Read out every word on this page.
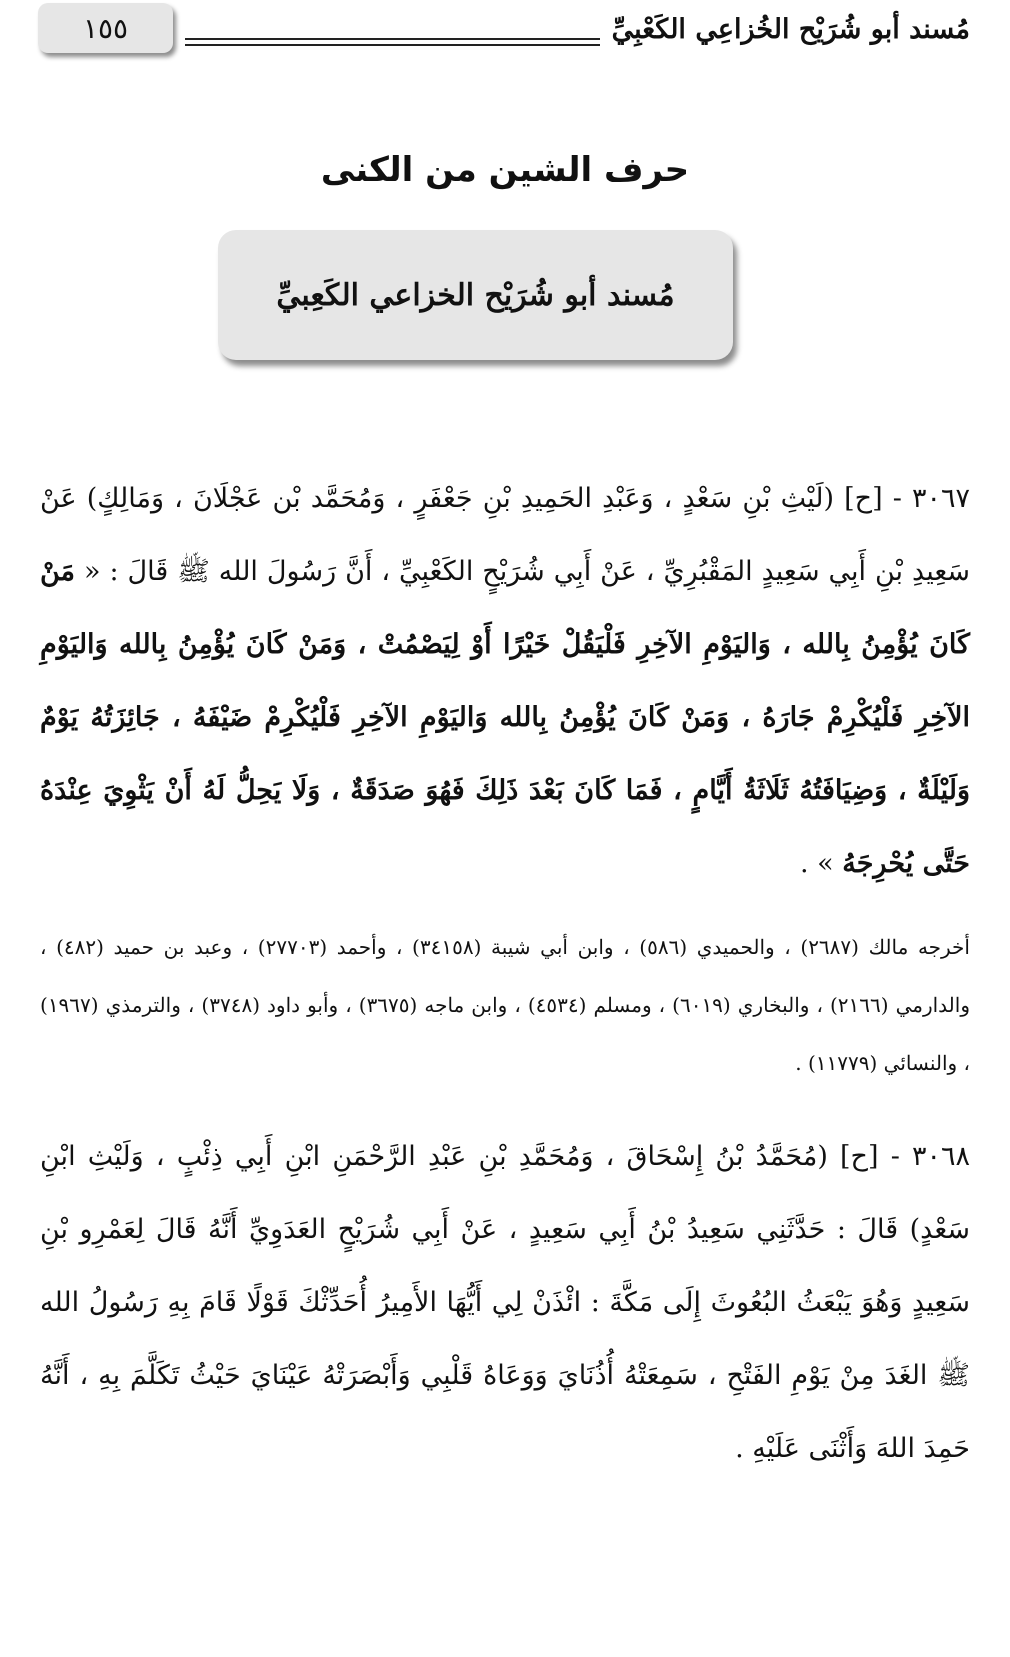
مُسند أبو شُرَيْح الخُزاعِي الكَعْبِيِّ
١٥٥
حرف الشين من الكنى
مُسند أبو شُرَيْح الخزاعي الكَعِبيِّ
٣٠٦٧ - [ح] (لَيْثِ بْنِ سَعْدٍ ، وَعَبْدِ الحَمِيدِ بْنِ جَعْفَرٍ ، وَمُحَمَّد بْن عَجْلَانَ ، وَمَالِكٍ) عَنْ سَعِيدِ بْنِ أَبِي سَعِيدٍ المَقْبُرِيِّ ، عَنْ أَبِي شُرَيْحٍ الكَعْبِيِّ ، أَنَّ رَسُولَ الله ﷺ قَالَ : « مَنْ كَانَ يُؤْمِنُ بِالله ، وَاليَوْمِ الآخِرِ فَلْيَقُلْ خَيْرًا أَوْ لِيَصْمُتْ ، وَمَنْ كَانَ يُؤْمِنُ بِالله وَاليَوْمِ الآخِرِ فَلْيُكْرِمْ جَارَهُ ، وَمَنْ كَانَ يُؤْمِنُ بِالله وَاليَوْمِ الآخِرِ فَلْيُكْرِمْ ضَيْفَهُ ، جَائِزَتُهُ يَوْمٌ وَلَيْلَةٌ ، وَضِيَافَتُهُ ثَلَاثَةُ أَيَّامٍ ، فَمَا كَانَ بَعْدَ ذَلِكَ فَهُوَ صَدَقَةٌ ، وَلَا يَحِلُّ لَهُ أَنْ يَثْوِيَ عِنْدَهُ حَتَّى يُحْرِجَهُ » .
أخرجه مالك (٢٦٨٧) ، والحميدي (٥٨٦) ، وابن أبي شيبة (٣٤١٥٨) ، وأحمد (٢٧٧٠٣) ، وعبد بن حميد (٤٨٢) ، والدارمي (٢١٦٦) ، والبخاري (٦٠١٩) ، ومسلم (٤٥٣٤) ، وابن ماجه (٣٦٧٥) ، وأبو داود (٣٧٤٨) ، والترمذي (١٩٦٧) ، والنسائي (١١٧٧٩) .
٣٠٦٨ - [ح] (مُحَمَّدُ بْنُ إِسْحَاقَ ، وَمُحَمَّدِ بْنِ عَبْدِ الرَّحْمَنِ ابْنِ أَبِي ذِئْبٍ ، وَلَيْثِ ابْنِ سَعْدٍ) قَالَ : حَدَّثَنِي سَعِيدُ بْنُ أَبِي سَعِيدٍ ، عَنْ أَبِي شُرَيْحٍ العَدَوِيِّ أَنَّهُ قَالَ لِعَمْرِو بْنِ سَعِيدٍ وَهُوَ يَبْعَثُ البُعُوثَ إِلَى مَكَّةَ : ائْذَنْ لِي أَيُّهَا الأَمِيرُ أُحَدِّثْكَ قَوْلًا قَامَ بِهِ رَسُولُ الله ﷺ الغَدَ مِنْ يَوْمِ الفَتْحِ ، سَمِعَتْهُ أُذُنَايَ وَوَعَاهُ قَلْبِي وَأَبْصَرَتْهُ عَيْنَايَ حَيْثُ تَكَلَّمَ بِهِ ، أَنَّهُ حَمِدَ اللهَ وَأَثْنَى عَلَيْهِ .
